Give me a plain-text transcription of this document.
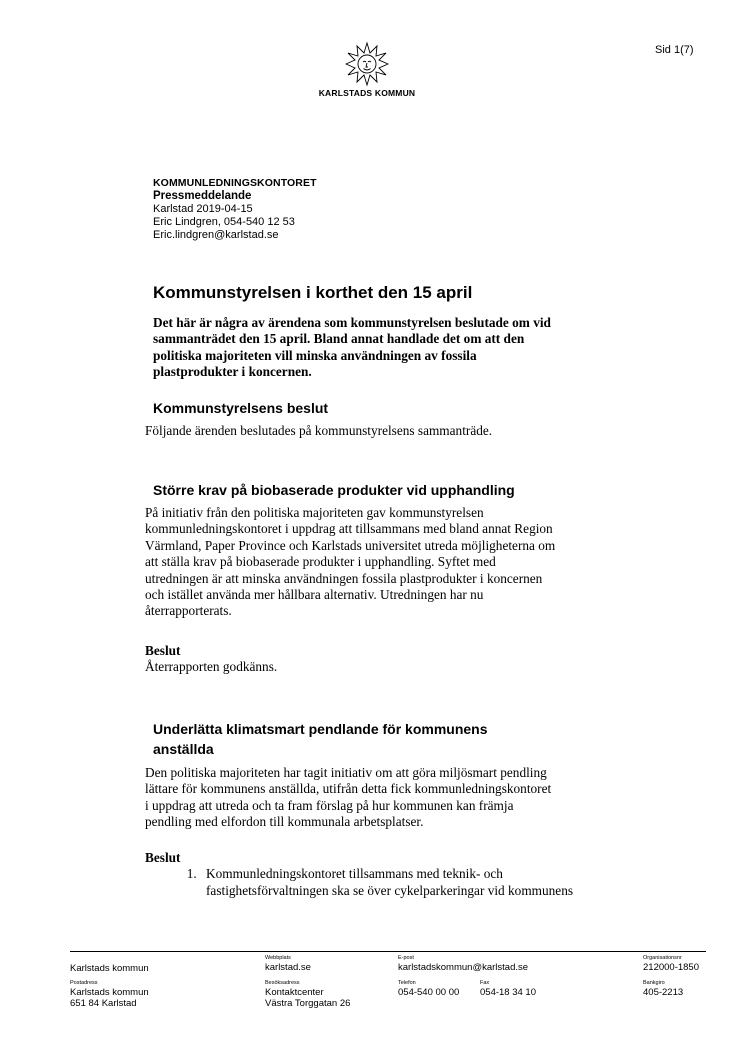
Sid 1(7)
KARLSTADS KOMMUN
KOMMUNLEDNINGSKONTORET
Pressmeddelande
Karlstad 2019-04-15
Eric Lindgren, 054-540 12 53
Eric.lindgren@karlstad.se
Kommunstyrelsen i korthet den 15 april

Det här är några av ärendena som kommunstyrelsen beslutade om vid

sammanträdet den 15 april. Bland annat handlade det om att den

politiska majoriteten vill minska användningen av fossila

plastprodukter i koncernen.

Kommunstyrelsens beslut
Följande ärenden beslutades på kommunstyrelsens sammanträde.
Större krav på biobaserade produkter vid upphandling

På initiativ från den politiska majoriteten gav kommunstyrelsen

kommunledningskontoret i uppdrag att tillsammans med bland annat Region

Värmland, Paper Province och Karlstads universitet utreda möjligheterna om

att ställa krav på biobaserade produkter i upphandling. Syftet med

utredningen är att minska användningen fossila plastprodukter i koncernen

och istället använda mer hållbara alternativ. Utredningen har nu

återrapporterats.

Beslut

Återrapporten godkänns.

Underlätta klimatsmart pendlande för kommunens
anställda

Den politiska majoriteten har tagit initiativ om att göra miljösmart pendling

lättare för kommunens anställda, utifrån detta fick kommunledningskontoret

i uppdrag att utreda och ta fram förslag på hur kommunen kan främja

pendling med elfordon till kommunala arbetsplatser.

Beslut

1. Kommunledningskontoret tillsammans med teknik- och
fastighetsförvaltningen ska se över cykelparkeringar vid kommunens
Karlstads kommun
Webbplats
karlstad.se
E-post
karlstadskommun@karlstad.se
Organisationsnr
212000-1850
Postadress
Karlstads kommun
651 84 Karlstad
Besöksadress
Kontaktcenter
Västra Torggatan 26
Telefon
054-540 00 00
Fax
054-18 34 10
Bankgiro
405-2213
